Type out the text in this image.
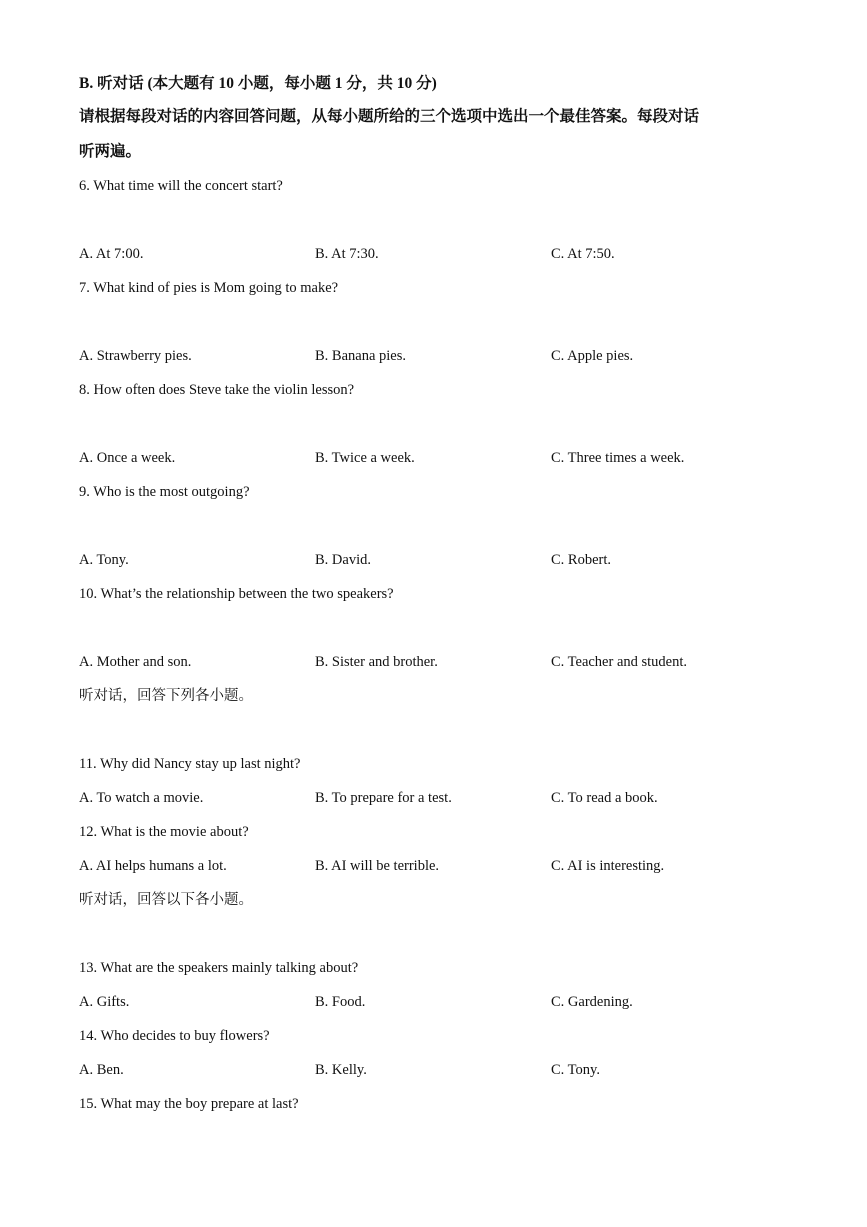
B. 听对话 (本大题有 10 小题，每小题 1 分，共 10 分)
请根据每段对话的内容回答问题，从每小题所给的三个选项中选出一个最佳答案。每段对话
听两遍。
6. What time will the concert start?
A. At 7:00.	B. At 7:30.	C. At 7:50.
7. What kind of pies is Mom going to make?
A. Strawberry pies.	B. Banana pies.	C. Apple pies.
8. How often does Steve take the violin lesson?
A. Once a week.	B. Twice a week.	C. Three times a week.
9. Who is the most outgoing?
A. Tony.	B. David.	C. Robert.
10. What’s the relationship between the two speakers?
A. Mother and son.	B. Sister and brother.	C. Teacher and student.
听对话，回答下列各小题。
11. Why did Nancy stay up last night?
A. To watch a movie.	B. To prepare for a test.	C. To read a book.
12. What is the movie about?
A. AI helps humans a lot.	B. AI will be terrible.	C. AI is interesting.
听对话，回答以下各小题。
13. What are the speakers mainly talking about?
A. Gifts.	B. Food.	C. Gardening.
14. Who decides to buy flowers?
A. Ben.	B. Kelly.	C. Tony.
15. What may the boy prepare at last?
